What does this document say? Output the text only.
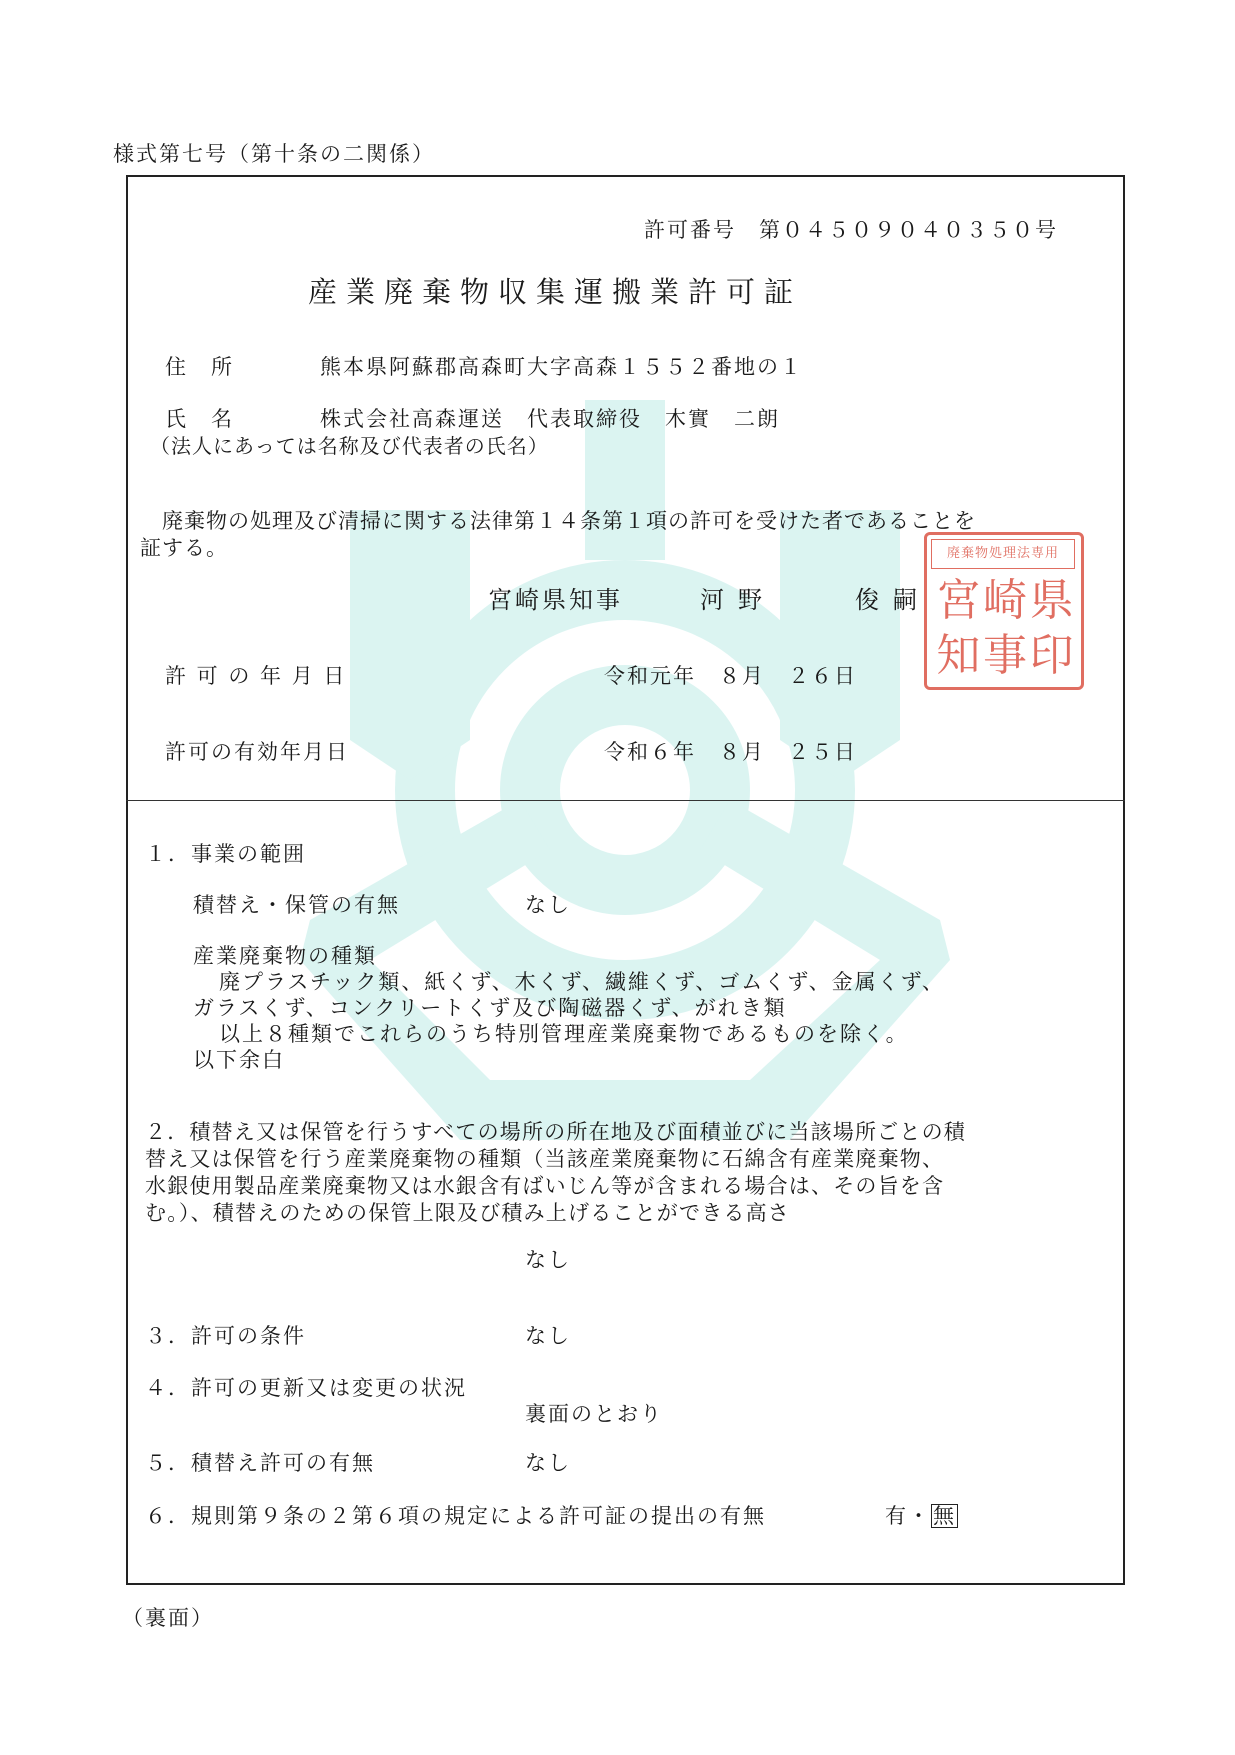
様式第七号（第十条の二関係）
許可番号　第０４５０９０４０３５０号
産業廃棄物収集運搬業許可証
住　所	熊本県阿蘇郡高森町大字高森１５５２番地の１
氏　名	株式会社高森運送　代表取締役　木實　二朗
（法人にあっては名称及び代表者の氏名）
　廃棄物の処理及び清掃に関する法律第１４条第１項の許可を受けた者であることを
証する。
宮崎県知事	河野	俊嗣
廃棄物処理法専用
宮 崎 県
知 事 印
許 可 の 年 月 日	令和元年　８月　２６日
許可の有効年月日	令和６年　８月　２５日
１．事業の範囲
積替え・保管の有無	なし
産業廃棄物の種類
廃プラスチック類、紙くず、木くず、繊維くず、ゴムくず、金属くず、
ガラスくず、コンクリートくず及び陶磁器くず、がれき類
以上８種類でこれらのうち特別管理産業廃棄物であるものを除く。
以下余白
２．積替え又は保管を行うすべての場所の所在地及び面積並びに当該場所ごとの積
替え又は保管を行う産業廃棄物の種類（当該産業廃棄物に石綿含有産業廃棄物、
水銀使用製品産業廃棄物又は水銀含有ばいじん等が含まれる場合は、その旨を含
む。）、積替えのための保管上限及び積み上げることができる高さ
なし
３．許可の条件	なし
４．許可の更新又は変更の状況
裏面のとおり
５．積替え許可の有無	なし
６．規則第９条の２第６項の規定による許可証の提出の有無	有・無
（裏面）
